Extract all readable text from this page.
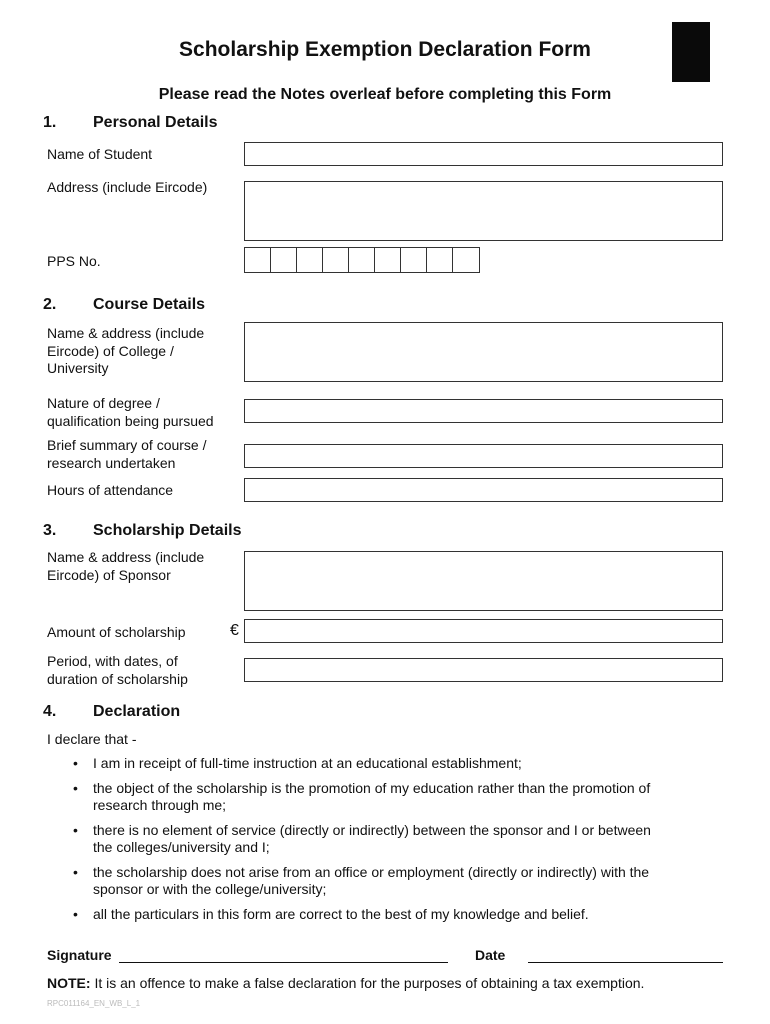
Scholarship Exemption Declaration Form
Please read the Notes overleaf before completing this Form
1. Personal Details
Name of Student
Address (include Eircode)
PPS No.
2. Course Details
Name & address (include
Eircode) of College /
University
Nature of degree /
qualification being pursued
Brief summary of course /
research undertaken
Hours of attendance
3. Scholarship Details
Name & address (include
Eircode) of Sponsor
Amount of scholarship	€
Period, with dates, of
duration of scholarship
4. Declaration
I declare that -
• I am in receipt of full-time instruction at an educational establishment;
• the object of the scholarship is the promotion of my education rather than the promotion of
research through me;
• there is no element of service (directly or indirectly) between the sponsor and I or between
the colleges/university and I;
• the scholarship does not arise from an office or employment (directly or indirectly) with the
sponsor or with the college/university;
• all the particulars in this form are correct to the best of my knowledge and belief.
Signature	Date
NOTE: It is an offence to make a false declaration for the purposes of obtaining a tax exemption.
RPC011164_EN_WB_L_1
